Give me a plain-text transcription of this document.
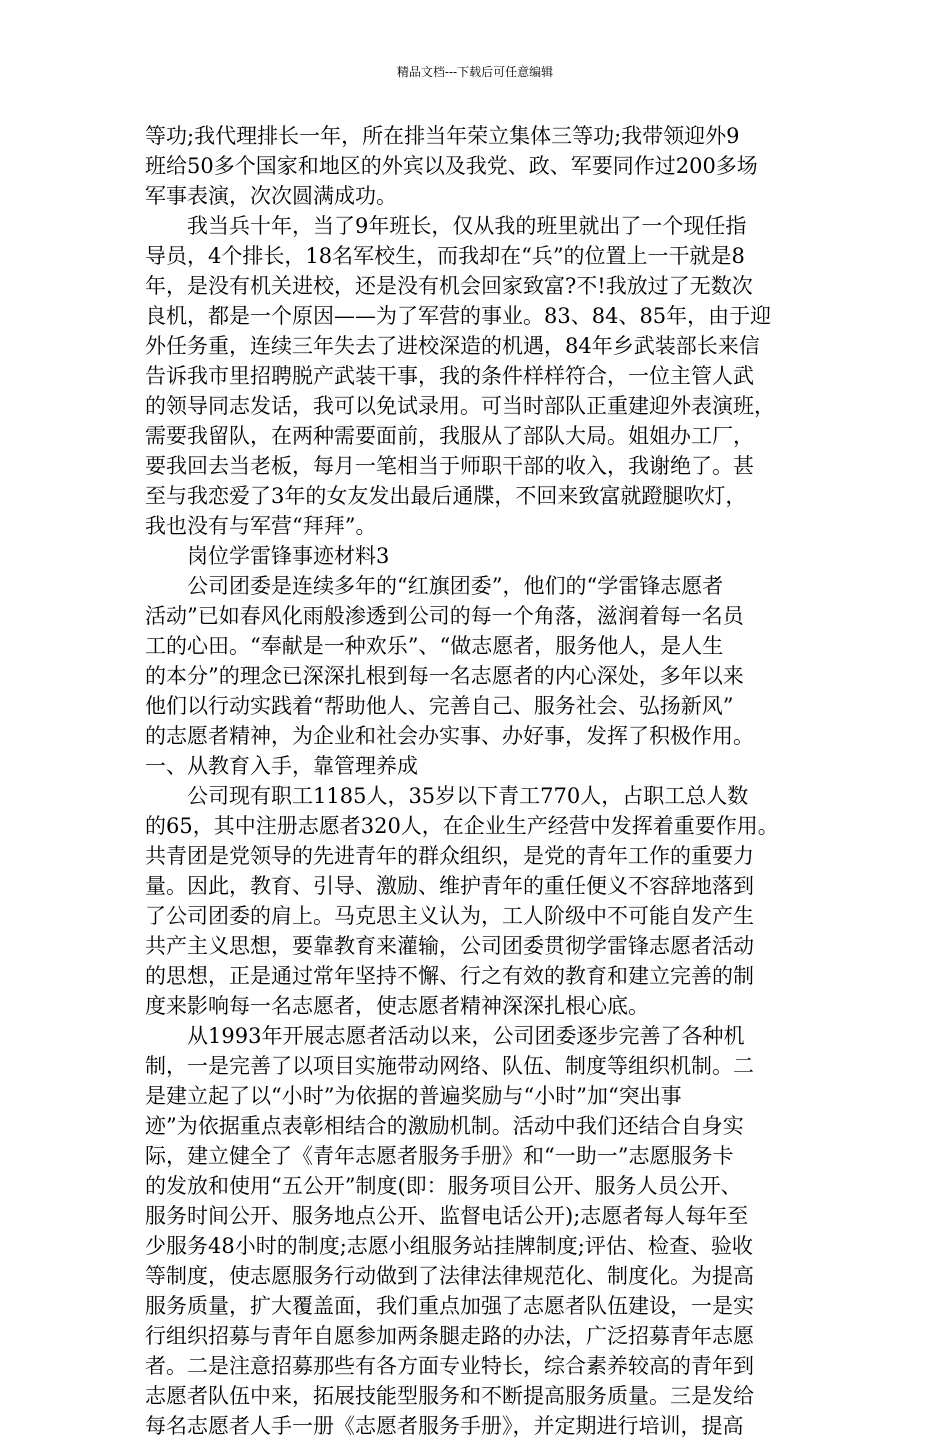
精品文档---下载后可任意编辑
等功;我代理排长一年，所在排当年荣立集体三等功;我带领迎外9
班给50多个国家和地区的外宾以及我党、政、军要同作过200多场
军事表演，次次圆满成功。
　　我当兵十年，当了9年班长，仅从我的班里就出了一个现任指
导员，4个排长，18名军校生，而我却在“兵”的位置上一干就是8
年，是没有机关进校，还是没有机会回家致富?不!我放过了无数次
良机，都是一个原因——为了军营的事业。83、84、85年，由于迎
外任务重，连续三年失去了进校深造的机遇，84年乡武装部长来信
告诉我市里招聘脱产武装干事，我的条件样样符合，一位主管人武
的领导同志发话，我可以免试录用。可当时部队正重建迎外表演班，
需要我留队，在两种需要面前，我服从了部队大局。姐姐办工厂，
要我回去当老板，每月一笔相当于师职干部的收入，我谢绝了。甚
至与我恋爱了3年的女友发出最后通牒，不回来致富就蹬腿吹灯，
我也没有与军营“拜拜”。
　　岗位学雷锋事迹材料3
　　公司团委是连续多年的“红旗团委”，他们的“学雷锋志愿者
活动”已如春风化雨般渗透到公司的每一个角落，滋润着每一名员
工的心田。“奉献是一种欢乐”、“做志愿者，服务他人，是人生
的本分”的理念已深深扎根到每一名志愿者的内心深处，多年以来
他们以行动实践着“帮助他人、完善自己、服务社会、弘扬新风”
的志愿者精神，为企业和社会办实事、办好事，发挥了积极作用。
一、从教育入手，靠管理养成
　　公司现有职工1185人，35岁以下青工770人，占职工总人数
的65，其中注册志愿者320人，在企业生产经营中发挥着重要作用。
共青团是党领导的先进青年的群众组织，是党的青年工作的重要力
量。因此，教育、引导、激励、维护青年的重任便义不容辞地落到
了公司团委的肩上。马克思主义认为，工人阶级中不可能自发产生
共产主义思想，要靠教育来灌输，公司团委贯彻学雷锋志愿者活动
的思想，正是通过常年坚持不懈、行之有效的教育和建立完善的制
度来影响每一名志愿者，使志愿者精神深深扎根心底。
　　从1993年开展志愿者活动以来，公司团委逐步完善了各种机
制，一是完善了以项目实施带动网络、队伍、制度等组织机制。二
是建立起了以“小时”为依据的普遍奖励与“小时”加“突出事
迹”为依据重点表彰相结合的激励机制。活动中我们还结合自身实
际，建立健全了《青年志愿者服务手册》和“一助一”志愿服务卡
的发放和使用“五公开”制度(即：服务项目公开、服务人员公开、
服务时间公开、服务地点公开、监督电话公开);志愿者每人每年至
少服务48小时的制度;志愿小组服务站挂牌制度;评估、检查、验收
等制度，使志愿服务行动做到了法律法律规范化、制度化。为提高
服务质量，扩大覆盖面，我们重点加强了志愿者队伍建设，一是实
行组织招募与青年自愿参加两条腿走路的办法，广泛招募青年志愿
者。二是注意招募那些有各方面专业特长，综合素养较高的青年到
志愿者队伍中来，拓展技能型服务和不断提高服务质量。三是发给
每名志愿者人手一册《志愿者服务手册》，并定期进行培训，提高
